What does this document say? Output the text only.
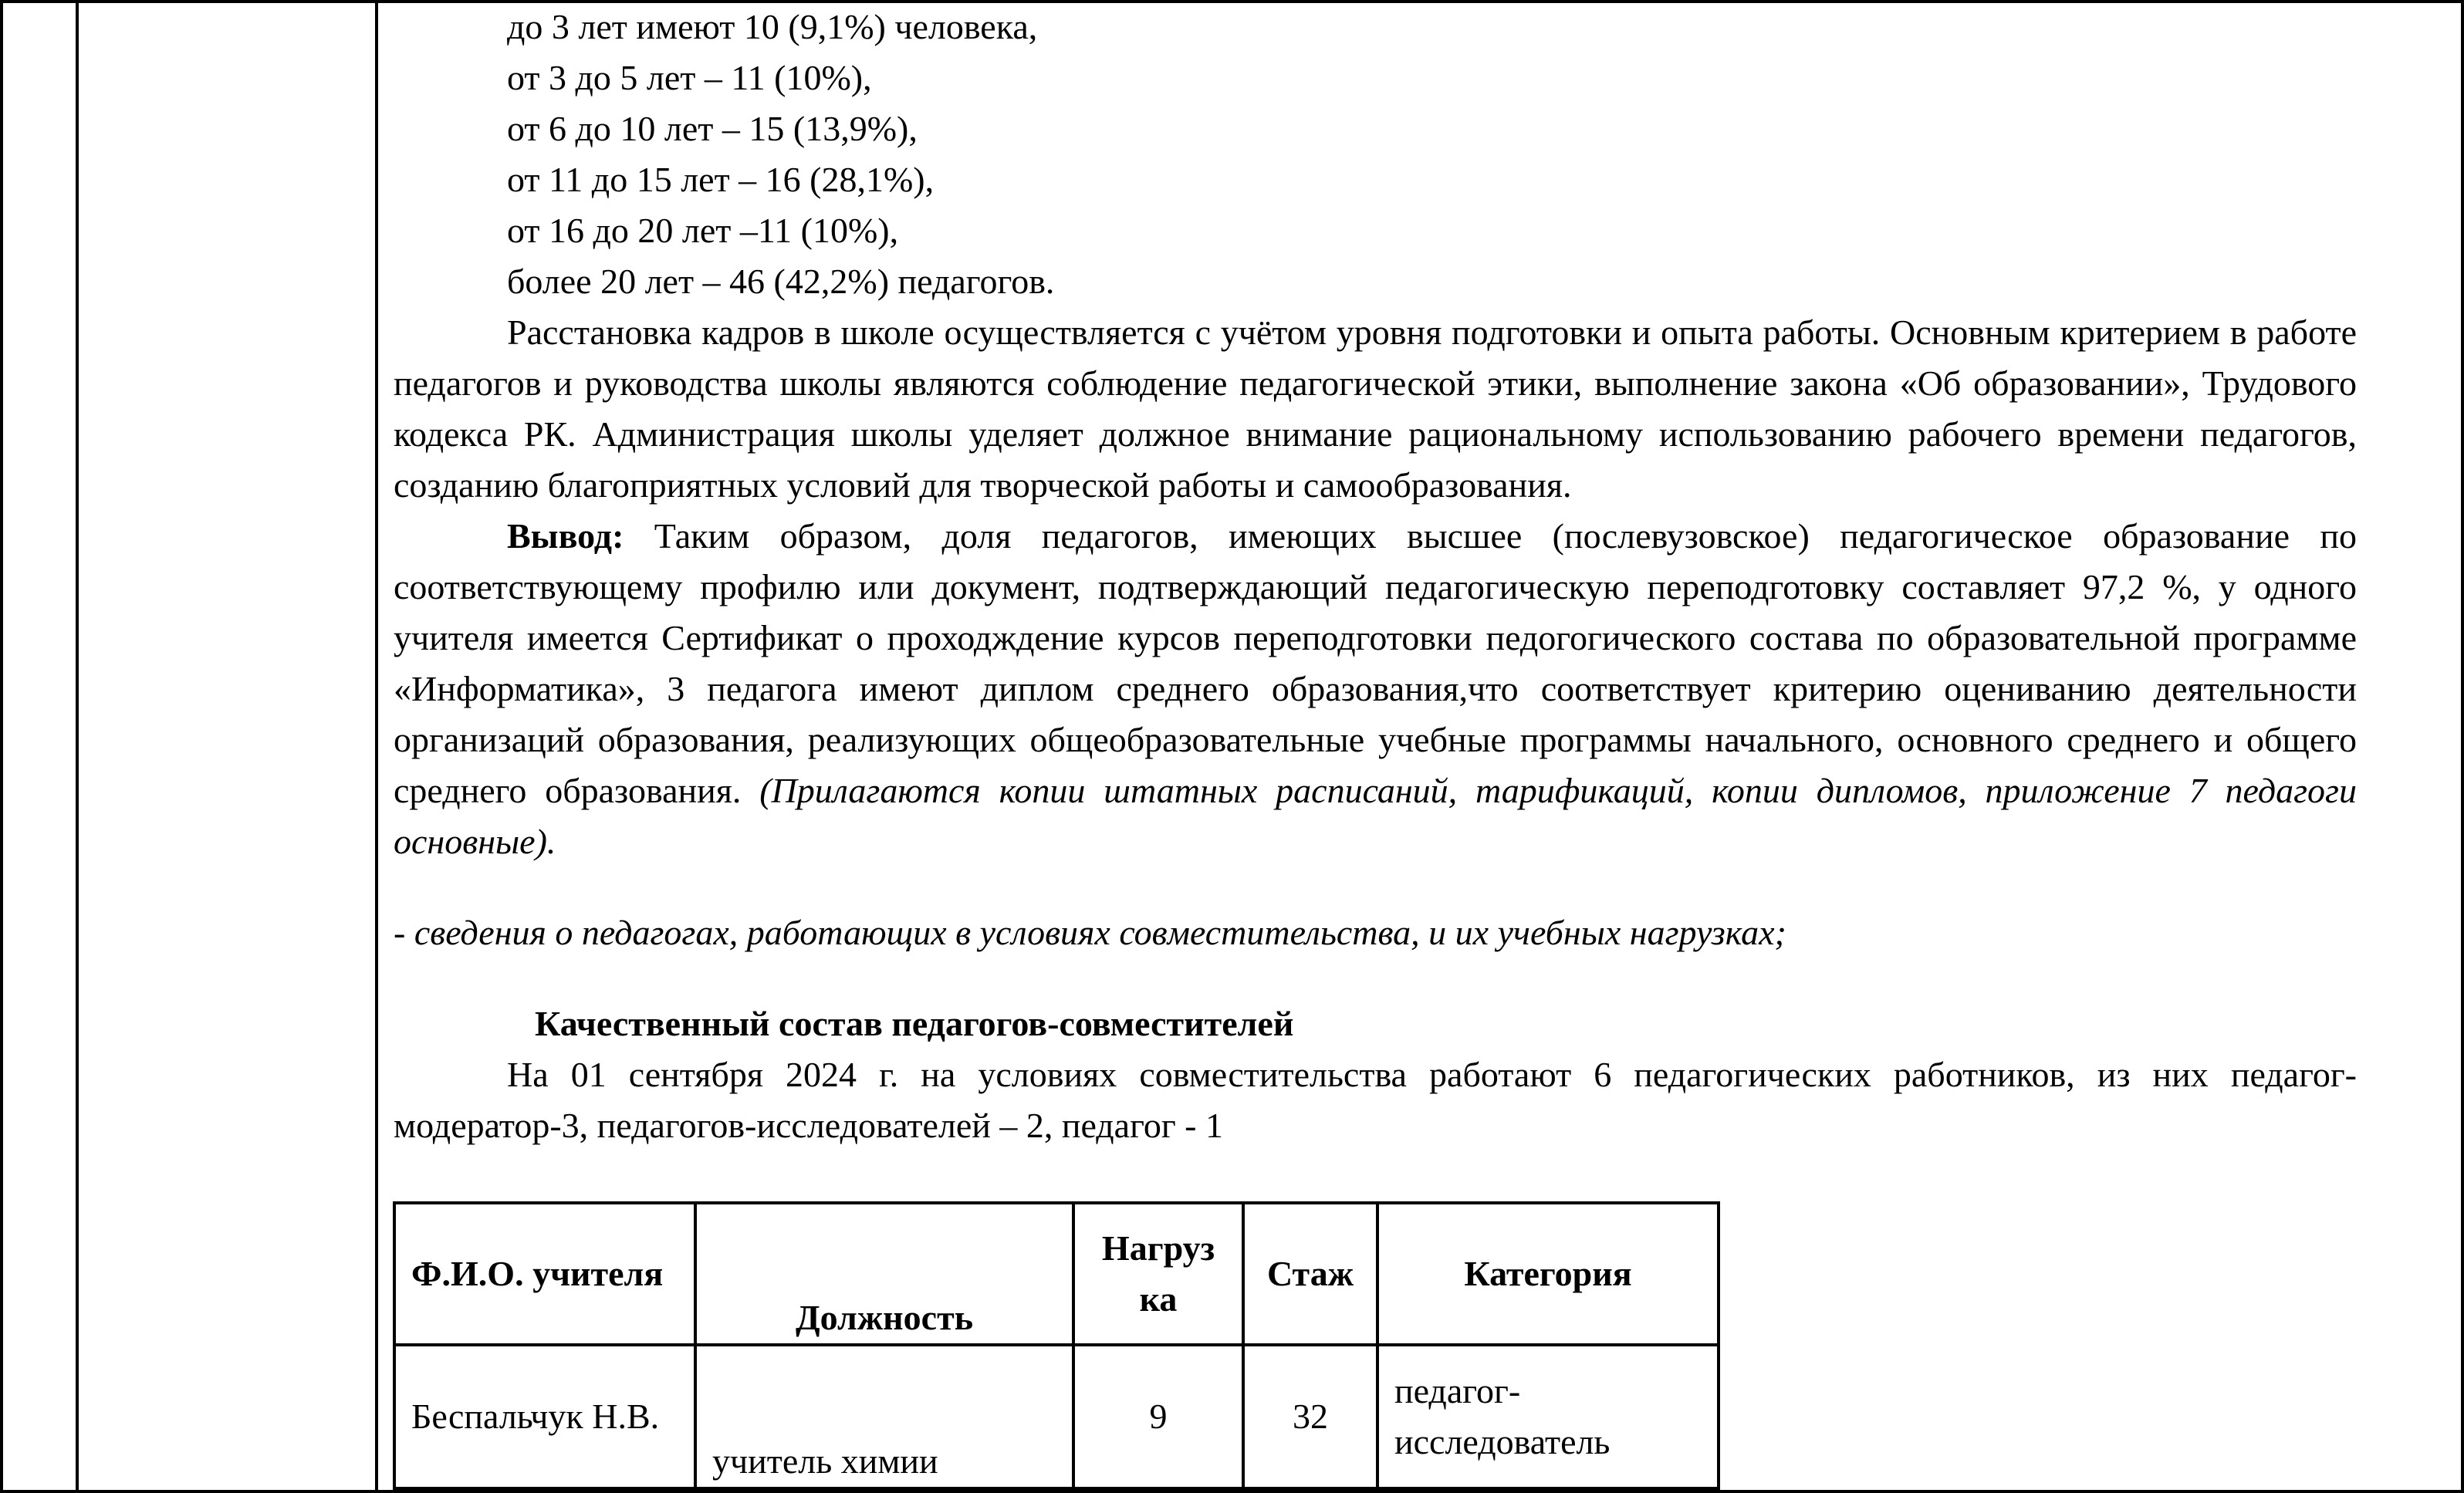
до 3 лет имеют 10 (9,1%) человека,

от 3 до 5 лет – 11 (10%),

от 6 до 10 лет – 15 (13,9%),

от 11 до 15 лет – 16 (28,1%),

от 16 до 20 лет –11 (10%),

более 20 лет – 46 (42,2%) педагогов.

Расстановка кадров в школе осуществляется с учётом уровня подготовки и опыта работы. Основным критерием в работе педагогов и руководства школы являются соблюдение педагогической этики, выполнение закона «Об образовании», Трудового кодекса РК. Администрация школы уделяет должное внимание рациональному использованию рабочего времени педагогов, созданию благоприятных условий для творческой работы и самообразования.

Вывод: Таким образом, доля педагогов, имеющих высшее (послевузовское) педагогическое образование по соответствующему профилю или документ, подтверждающий педагогическую переподготовку составляет 97,2 %, у одного учителя имеется Сертификат о проходждение курсов переподготовки педогогического состава по образовательной программе «Информатика», 3 педагога имеют диплом среднего образования,что соответствует критерию оцениванию деятельности организаций образования, реализующих общеобразовательные учебные программы начального, основного среднего и общего среднего образования. (Прилагаются копии штатных расписаний, тарификаций, копии дипломов, приложение 7 педагоги основные).

- сведения о педагогах, работающих в условиях совместительства, и их учебных нагрузках;

Качественный состав педагогов-совместителей

На 01 сентября 2024 г. на условиях совместительства работают 6 педагогических работников, из них педагог-модератор-3, педагогов-исследователей – 2, педагог - 1

Ф.И.О. учителя	Должность	Нагруз ка	Стаж	Категория
Беспальчук Н.В.	учитель химии	9	32	педагог-исследователь
